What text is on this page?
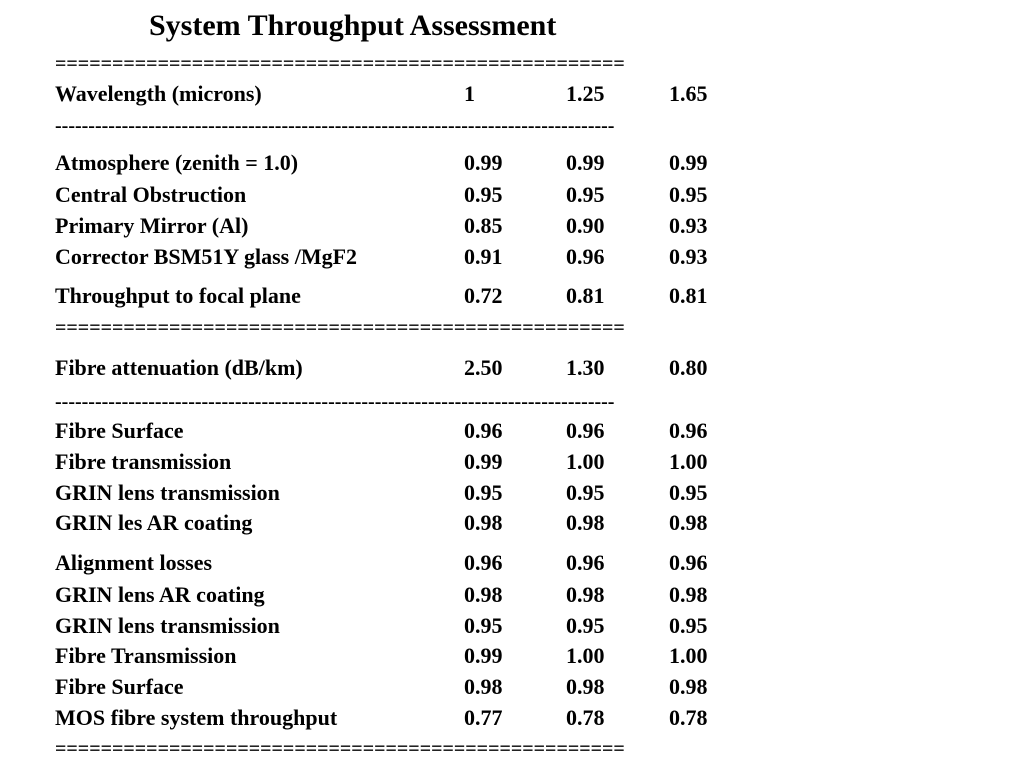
System Throughput Assessment
==================================================
Wavelength (microns)	1	1.25	1.65
------------------------------------------------------------------------------------
Atmosphere (zenith = 1.0)	0.99	0.99	0.99
Central Obstruction	0.95	0.95	0.95
Primary Mirror (Al)	0.85	0.90	0.93
Corrector BSM51Y glass /MgF2	0.91	0.96	0.93
Throughput to focal plane	0.72	0.81	0.81
==================================================
Fibre attenuation (dB/km)	2.50	1.30	0.80
------------------------------------------------------------------------------------
Fibre Surface	0.96	0.96	0.96
Fibre transmission	0.99	1.00	1.00
GRIN lens transmission	0.95	0.95	0.95
GRIN les AR coating	0.98	0.98	0.98
Alignment losses	0.96	0.96	0.96
GRIN lens AR coating	0.98	0.98	0.98
GRIN lens transmission	0.95	0.95	0.95
Fibre Transmission	0.99	1.00	1.00
Fibre Surface	0.98	0.98	0.98
MOS fibre system throughput	0.77	0.78	0.78
==================================================
